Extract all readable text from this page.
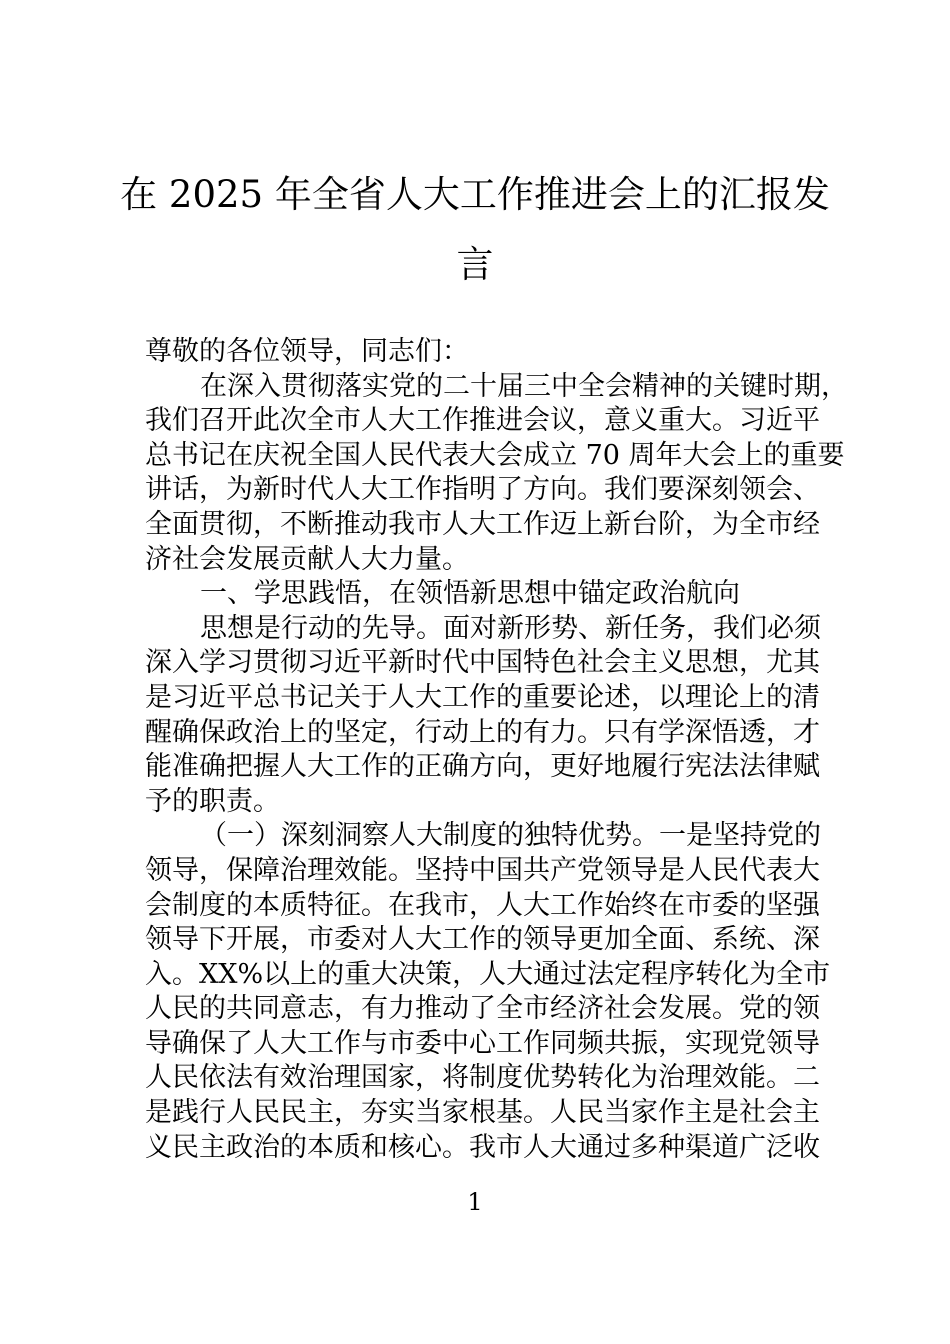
在 2025 年全省人大工作推进会上的汇报发
言
尊敬的各位领导，同志们：
在深入贯彻落实党的二十届三中全会精神的关键时期，
我们召开此次全市人大工作推进会议，意义重大。习近平
总书记在庆祝全国人民代表大会成立 70 周年大会上的重要
讲话，为新时代人大工作指明了方向。我们要深刻领会、
全面贯彻，不断推动我市人大工作迈上新台阶，为全市经
济社会发展贡献人大力量。
一、学思践悟，在领悟新思想中锚定政治航向
思想是行动的先导。面对新形势、新任务，我们必须
深入学习贯彻习近平新时代中国特色社会主义思想，尤其
是习近平总书记关于人大工作的重要论述，以理论上的清
醒确保政治上的坚定，行动上的有力。只有学深悟透，才
能准确把握人大工作的正确方向，更好地履行宪法法律赋
予的职责。
（一）深刻洞察人大制度的独特优势。一是坚持党的
领导，保障治理效能。坚持中国共产党领导是人民代表大
会制度的本质特征。在我市，人大工作始终在市委的坚强
领导下开展，市委对人大工作的领导更加全面、系统、深
入。XX%以上的重大决策，人大通过法定程序转化为全市
人民的共同意志，有力推动了全市经济社会发展。党的领
导确保了人大工作与市委中心工作同频共振，实现党领导
人民依法有效治理国家，将制度优势转化为治理效能。二
是践行人民民主，夯实当家根基。人民当家作主是社会主
义民主政治的本质和核心。我市人大通过多种渠道广泛收
1
